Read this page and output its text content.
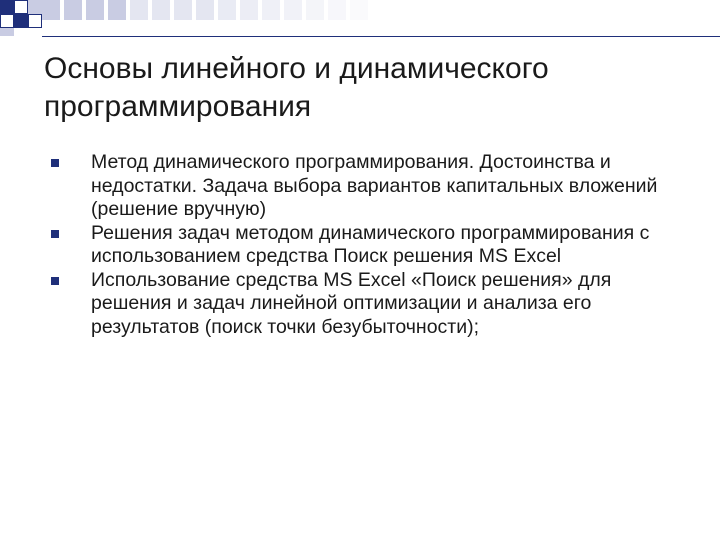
Основы линейного и динамического программирования
Метод динамического программирования. Достоинства и недостатки. Задача выбора вариантов капитальных вложений (решение вручную)
Решения задач методом динамического программирования с использованием средства Поиск решения MS Excel
Использование средства MS Excel «Поиск решения» для решения и задач линейной оптимизации и анализа его результатов (поиск точки безубыточности);
